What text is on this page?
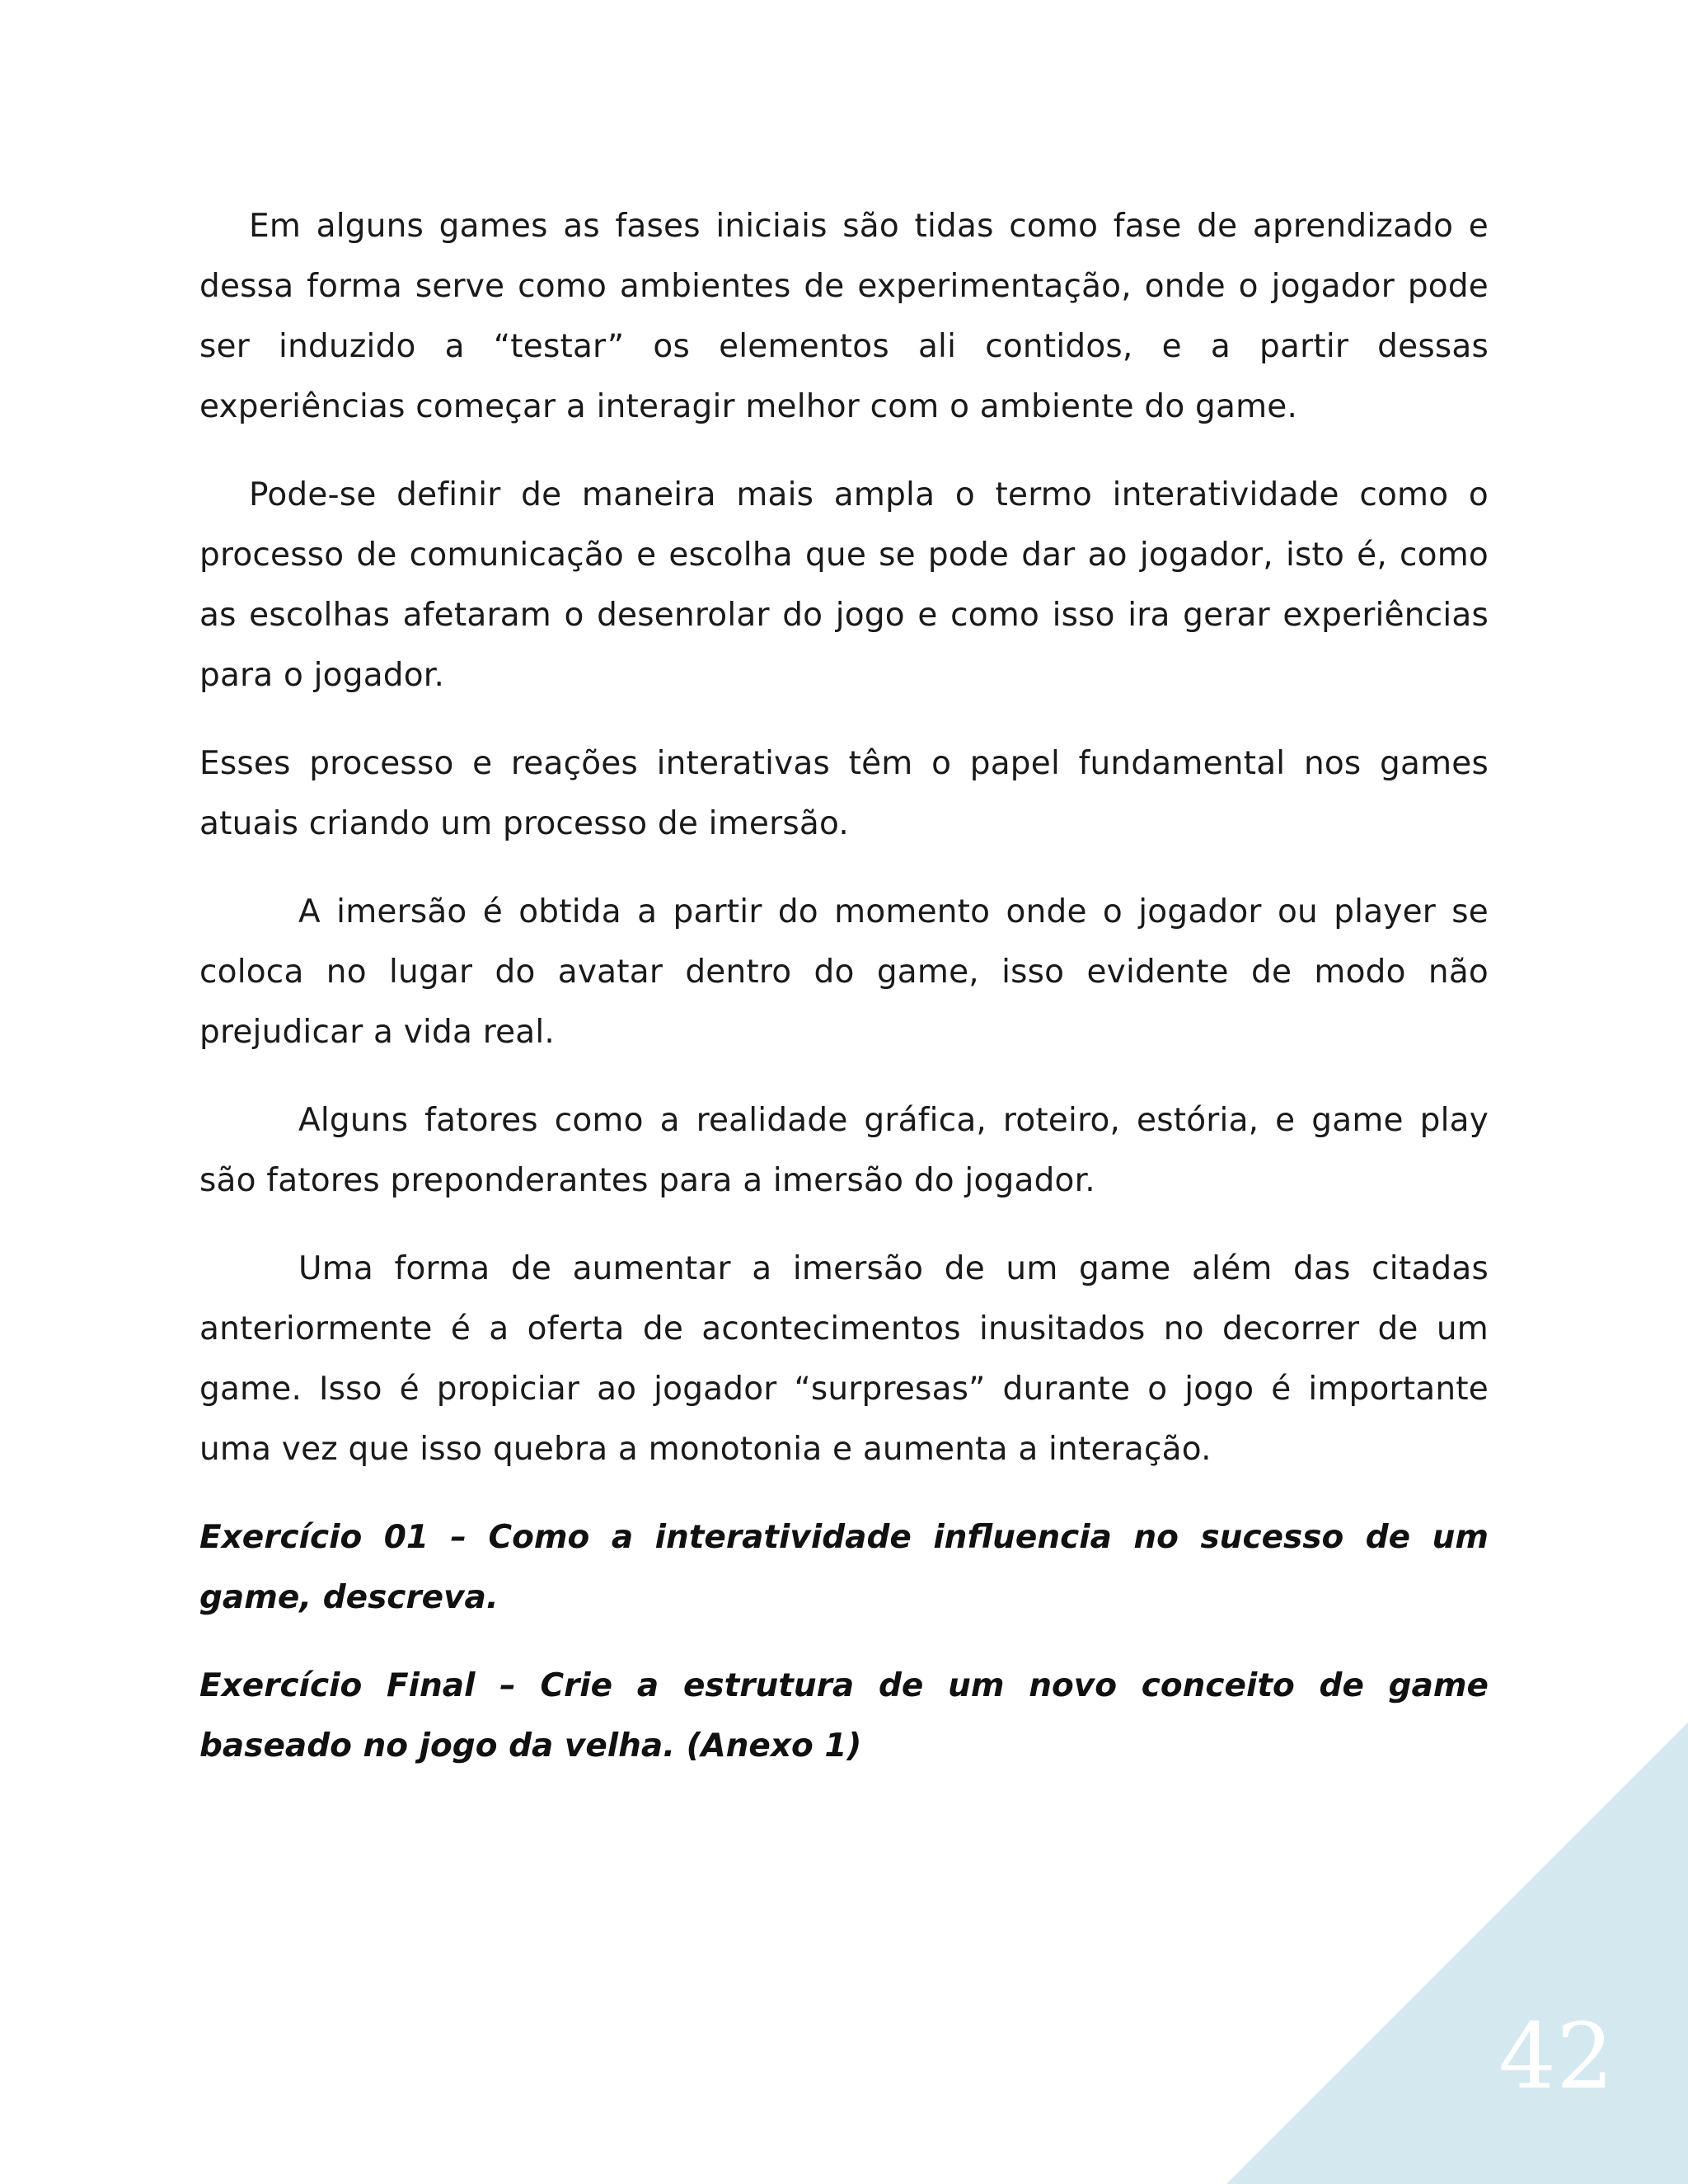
Em alguns games as fases iniciais são tidas como fase de aprendizado e dessa forma serve como ambientes de experimentação, onde o jogador pode ser induzido a “testar” os elementos ali contidos, e a partir dessas experiências começar a interagir melhor com o ambiente do game.

Pode-se definir de maneira mais ampla o termo interatividade como o processo de comunicação e escolha que se pode dar ao jogador, isto é, como as escolhas afetaram o desenrolar do jogo e como isso ira gerar experiências para o jogador.

Esses processo e reações interativas têm o papel fundamental nos games atuais criando um processo de imersão.

A imersão é obtida a partir do momento onde o jogador ou player se coloca no lugar do avatar dentro do game, isso evidente de modo não prejudicar a vida real.

Alguns fatores como a realidade gráfica, roteiro, estória, e game play são fatores preponderantes para a imersão do jogador.

Uma forma de aumentar a imersão de um game além das citadas anteriormente é a oferta de acontecimentos inusitados no decorrer de um game. Isso é propiciar ao jogador “surpresas” durante o jogo é importante uma vez que isso quebra a monotonia e aumenta a interação.

Exercício 01 – Como a interatividade influencia no sucesso de um game, descreva.

Exercício Final – Crie a estrutura de um novo conceito de game baseado no jogo da velha. (Anexo 1)

42
